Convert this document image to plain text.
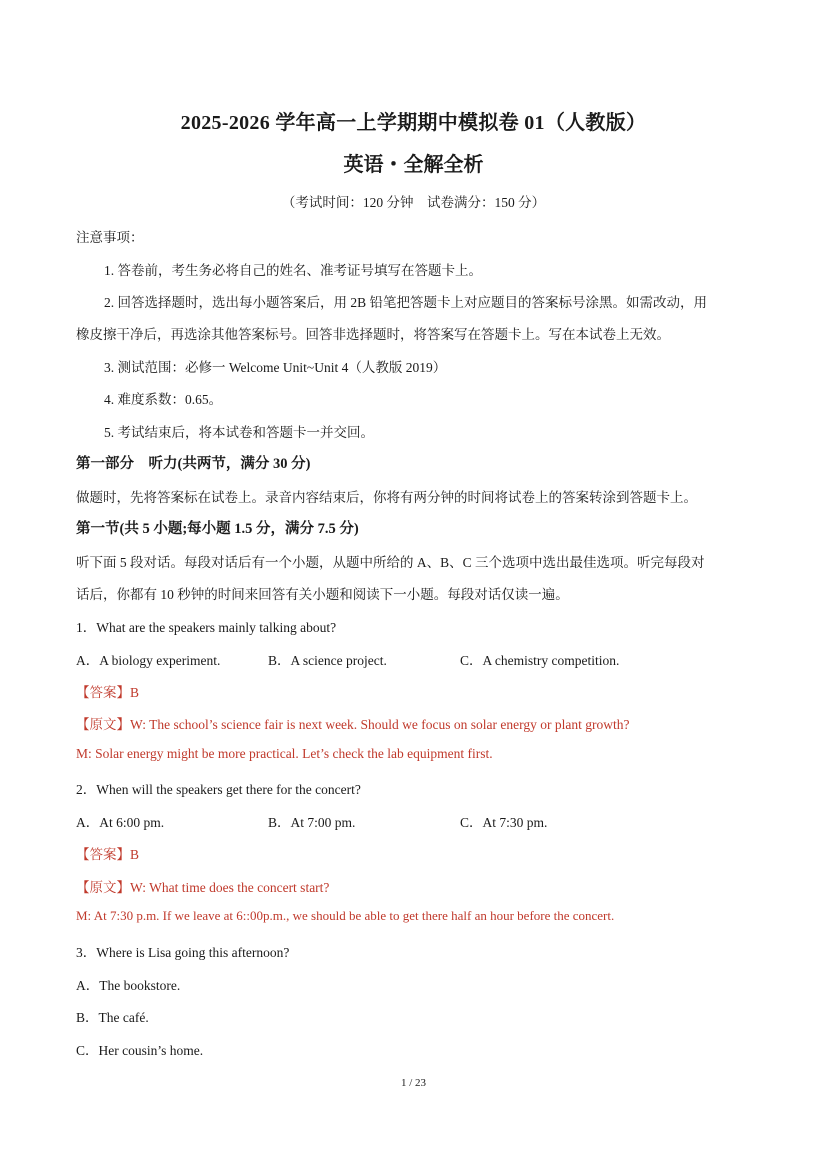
2025-2026 学年高一上学期期中模拟卷 01（人教版）
英语・全解全析
（考试时间：120 分钟　试卷满分：150 分）
注意事项：
1. 答卷前，考生务必将自己的姓名、准考证号填写在答题卡上。
2. 回答选择题时，选出每小题答案后，用 2B 铅笔把答题卡上对应题目的答案标号涂黑。如需改动，用
橡皮擦干净后，再选涂其他答案标号。回答非选择题时，将答案写在答题卡上。写在本试卷上无效。
3. 测试范围：必修一 Welcome Unit~Unit 4（人教版 2019）
4. 难度系数：0.65。
5. 考试结束后，将本试卷和答题卡一并交回。
第一部分　听力(共两节，满分 30 分)
做题时，先将答案标在试卷上。录音内容结束后，你将有两分钟的时间将试卷上的答案转涂到答题卡上。
第一节(共 5 小题;每小题 1.5 分，满分 7.5 分)
听下面 5 段对话。每段对话后有一个小题，从题中所给的 A、B、C 三个选项中选出最佳选项。听完每段对
话后，你都有 10 秒钟的时间来回答有关小题和阅读下一小题。每段对话仅读一遍。
1．What are the speakers mainly talking about?
A．A biology experiment.	B．A science project.	C．A chemistry competition.
【答案】B
【原文】W: The school’s science fair is next week. Should we focus on solar energy or plant growth?
M: Solar energy might be more practical. Let’s check the lab equipment first.
2．When will the speakers get there for the concert?
A．At 6:00 pm.	B．At 7:00 pm.	C．At 7:30 pm.
【答案】B
【原文】W: What time does the concert start?
M: At 7:30 p.m. If we leave at 6::00p.m., we should be able to get there half an hour before the concert.
3．Where is Lisa going this afternoon?
A．The bookstore.
B．The café.
C．Her cousin’s home.
1 / 23
